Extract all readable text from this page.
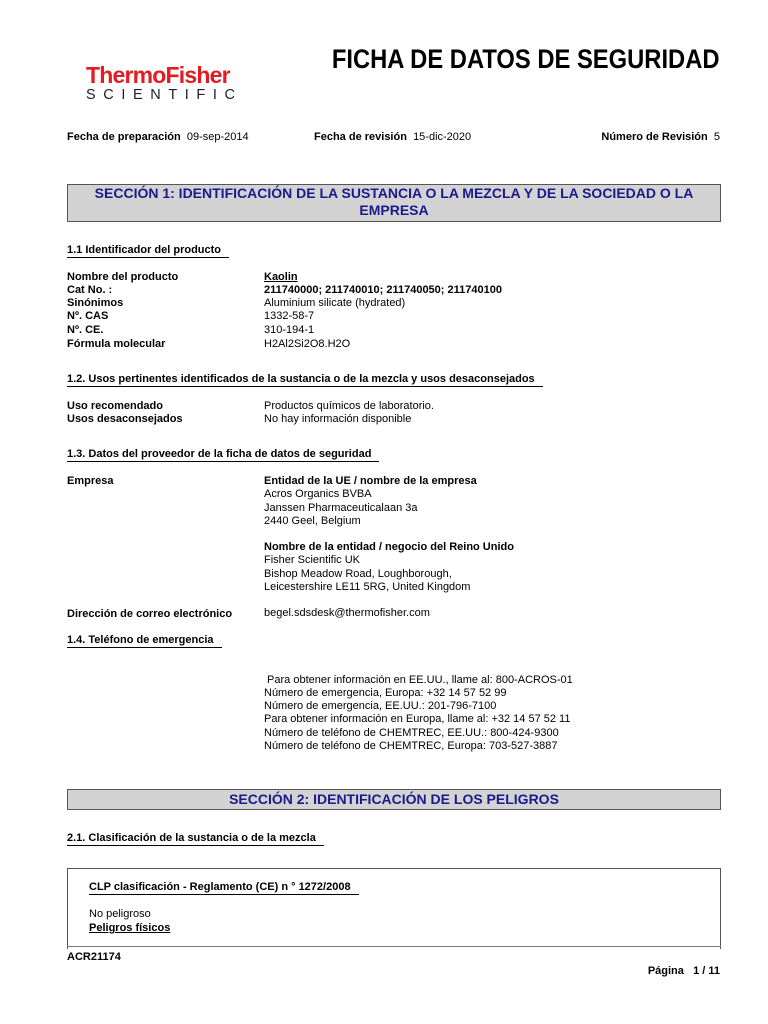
ThermoFisher
SCIENTIFIC
FICHA DE DATOS DE SEGURIDAD
Fecha de preparación 09-sep-2014	Fecha de revisión 15-dic-2020	Número de Revisión 5
SECCIÓN 1: IDENTIFICACIÓN DE LA SUSTANCIA O LA MEZCLA Y DE LA SOCIEDAD O LA EMPRESA
1.1 Identificador del producto
Nombre del producto	Kaolin
Cat No. :	211740000; 211740010; 211740050; 211740100
Sinónimos	Aluminium silicate (hydrated)
Nº. CAS	1332-58-7
Nº. CE.	310-194-1
Fórmula molecular	H2Al2Si2O8.H2O
1.2. Usos pertinentes identificados de la sustancia o de la mezcla y usos desaconsejados
Uso recomendado	Productos químicos de laboratorio.
Usos desaconsejados	No hay información disponible
1.3. Datos del proveedor de la ficha de datos de seguridad
Empresa	Entidad de la UE / nombre de la empresa
Acros Organics BVBA
Janssen Pharmaceuticalaan 3a
2440 Geel, Belgium
Nombre de la entidad / negocio del Reino Unido
Fisher Scientific UK
Bishop Meadow Road, Loughborough,
Leicestershire LE11 5RG, United Kingdom
Dirección de correo electrónico	begel.sdsdesk@thermofisher.com
1.4. Teléfono de emergencia

Para obtener información en EE.UU., llame al: 800-ACROS-01

Para obtener información en Europa, llame al: +32 14 57 52 11

Número de emergencia, Europa: +32 14 57 52 99
Número de emergencia, EE.UU.: 201-796-7100
Número de teléfono de CHEMTREC, EE.UU.: 800-424-9300
Número de teléfono de CHEMTREC, Europa: 703-527-3887
SECCIÓN 2: IDENTIFICACIÓN DE LOS PELIGROS
2.1. Clasificación de la sustancia o de la mezcla
CLP clasificación - Reglamento (CE) n ° 1272/2008
No peligroso
Peligros físicos
ACR21174
Página 1 / 11
